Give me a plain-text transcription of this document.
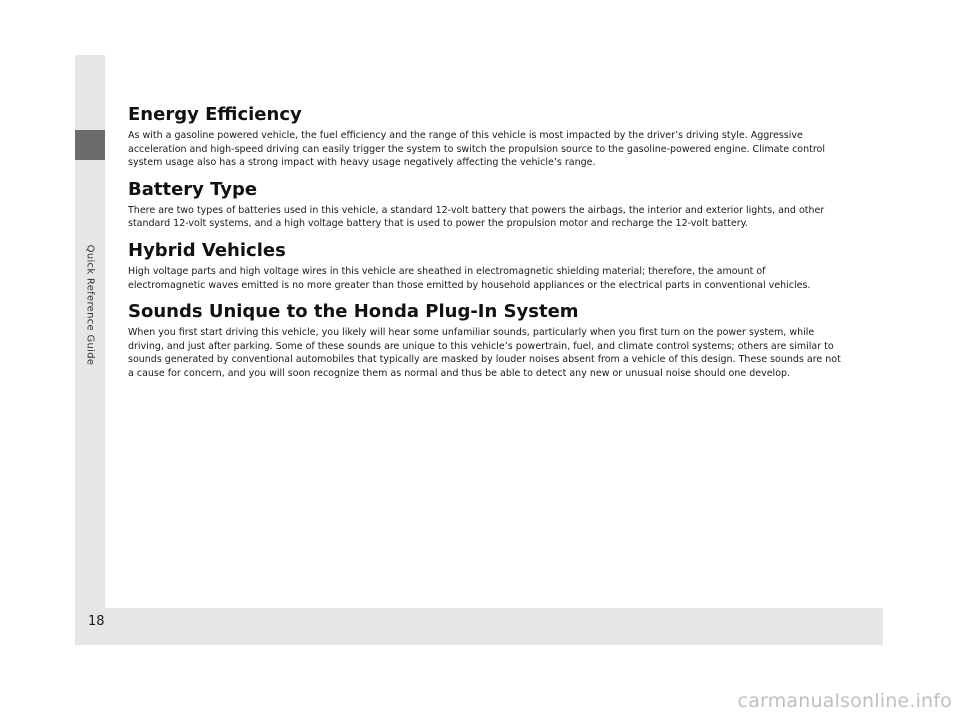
Quick Reference Guide
Energy Efficiency

As with a gasoline powered vehicle, the fuel efficiency and the range of this vehicle is most impacted by the driver’s driving style. Aggressive acceleration and high-speed driving can easily trigger the system to switch the propulsion source to the gasoline-powered engine. Climate control system usage also has a strong impact with heavy usage negatively affecting the vehicle’s range.

Battery Type

There are two types of batteries used in this vehicle, a standard 12-volt battery that powers the airbags, the interior and exterior lights, and other standard 12-volt systems, and a high voltage battery that is used to power the propulsion motor and recharge the 12-volt battery.

Hybrid Vehicles

High voltage parts and high voltage wires in this vehicle are sheathed in electromagnetic shielding material; therefore, the amount of electromagnetic waves emitted is no more greater than those emitted by household appliances or the electrical parts in conventional vehicles.

Sounds Unique to the Honda Plug-In System

When you first start driving this vehicle, you likely will hear some unfamiliar sounds, particularly when you first turn on the power system, while driving, and just after parking. Some of these sounds are unique to this vehicle’s powertrain, fuel, and climate control systems; others are similar to sounds generated by conventional automobiles that typically are masked by louder noises absent from a vehicle of this design. These sounds are not a cause for concern, and you will soon recognize them as normal and thus be able to detect any new or unusual noise should one develop.

18
carmanualsonline.info
